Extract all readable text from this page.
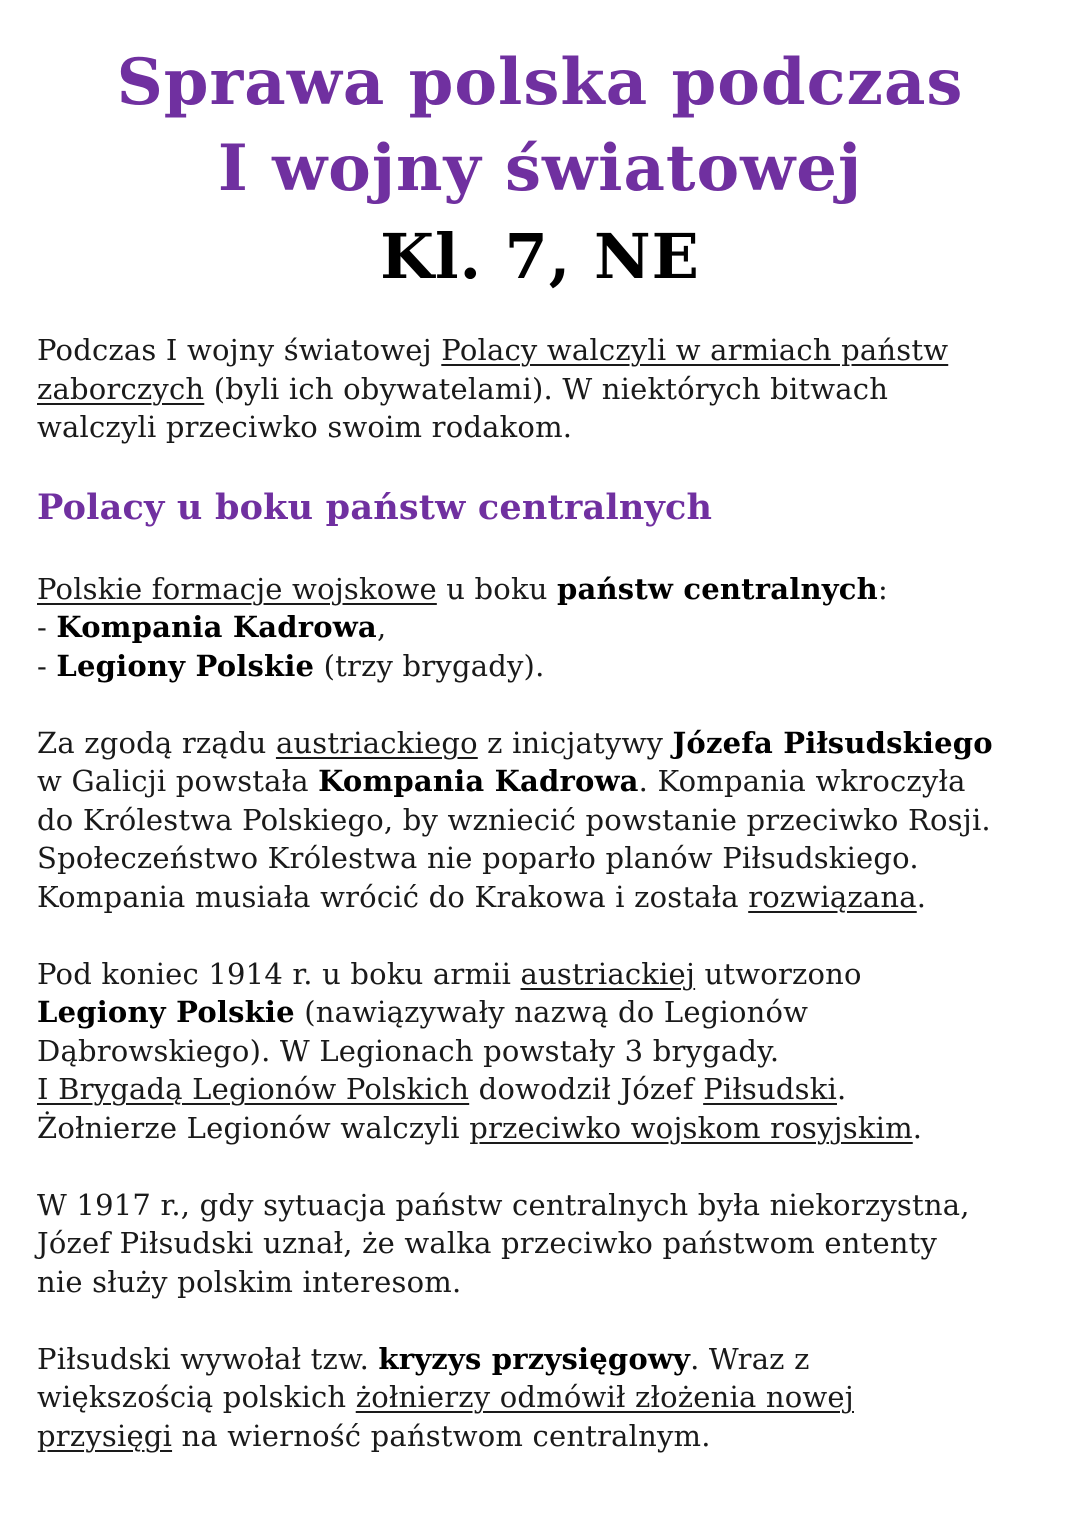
Sprawa polska podczas
I wojny światowej
Kl. 7, NE

Podczas I wojny światowej Polacy walczyli w armiach państw
zaborczych (byli ich obywatelami). W niektórych bitwach
walczyli przeciwko swoim rodakom.

Polacy u boku państw centralnych

Polskie formacje wojskowe u boku państw centralnych:
- Kompania Kadrowa,
- Legiony Polskie (trzy brygady).

Za zgodą rządu austriackiego z inicjatywy Józefa Piłsudskiego
w Galicji powstała Kompania Kadrowa. Kompania wkroczyła
do Królestwa Polskiego, by wzniecić powstanie przeciwko Rosji.
Społeczeństwo Królestwa nie poparło planów Piłsudskiego.
Kompania musiała wrócić do Krakowa i została rozwiązana.

Pod koniec 1914 r. u boku armii austriackiej utworzono
Legiony Polskie (nawiązywały nazwą do Legionów
Dąbrowskiego). W Legionach powstały 3 brygady.
I Brygadą Legionów Polskich dowodził Józef Piłsudski.
Żołnierze Legionów walczyli przeciwko wojskom rosyjskim.

W 1917 r., gdy sytuacja państw centralnych była niekorzystna,
Józef Piłsudski uznał, że walka przeciwko państwom ententy
nie służy polskim interesom.

Piłsudski wywołał tzw. kryzys przysięgowy. Wraz z
większością polskich żołnierzy odmówił złożenia nowej
przysięgi na wierność państwom centralnym.
